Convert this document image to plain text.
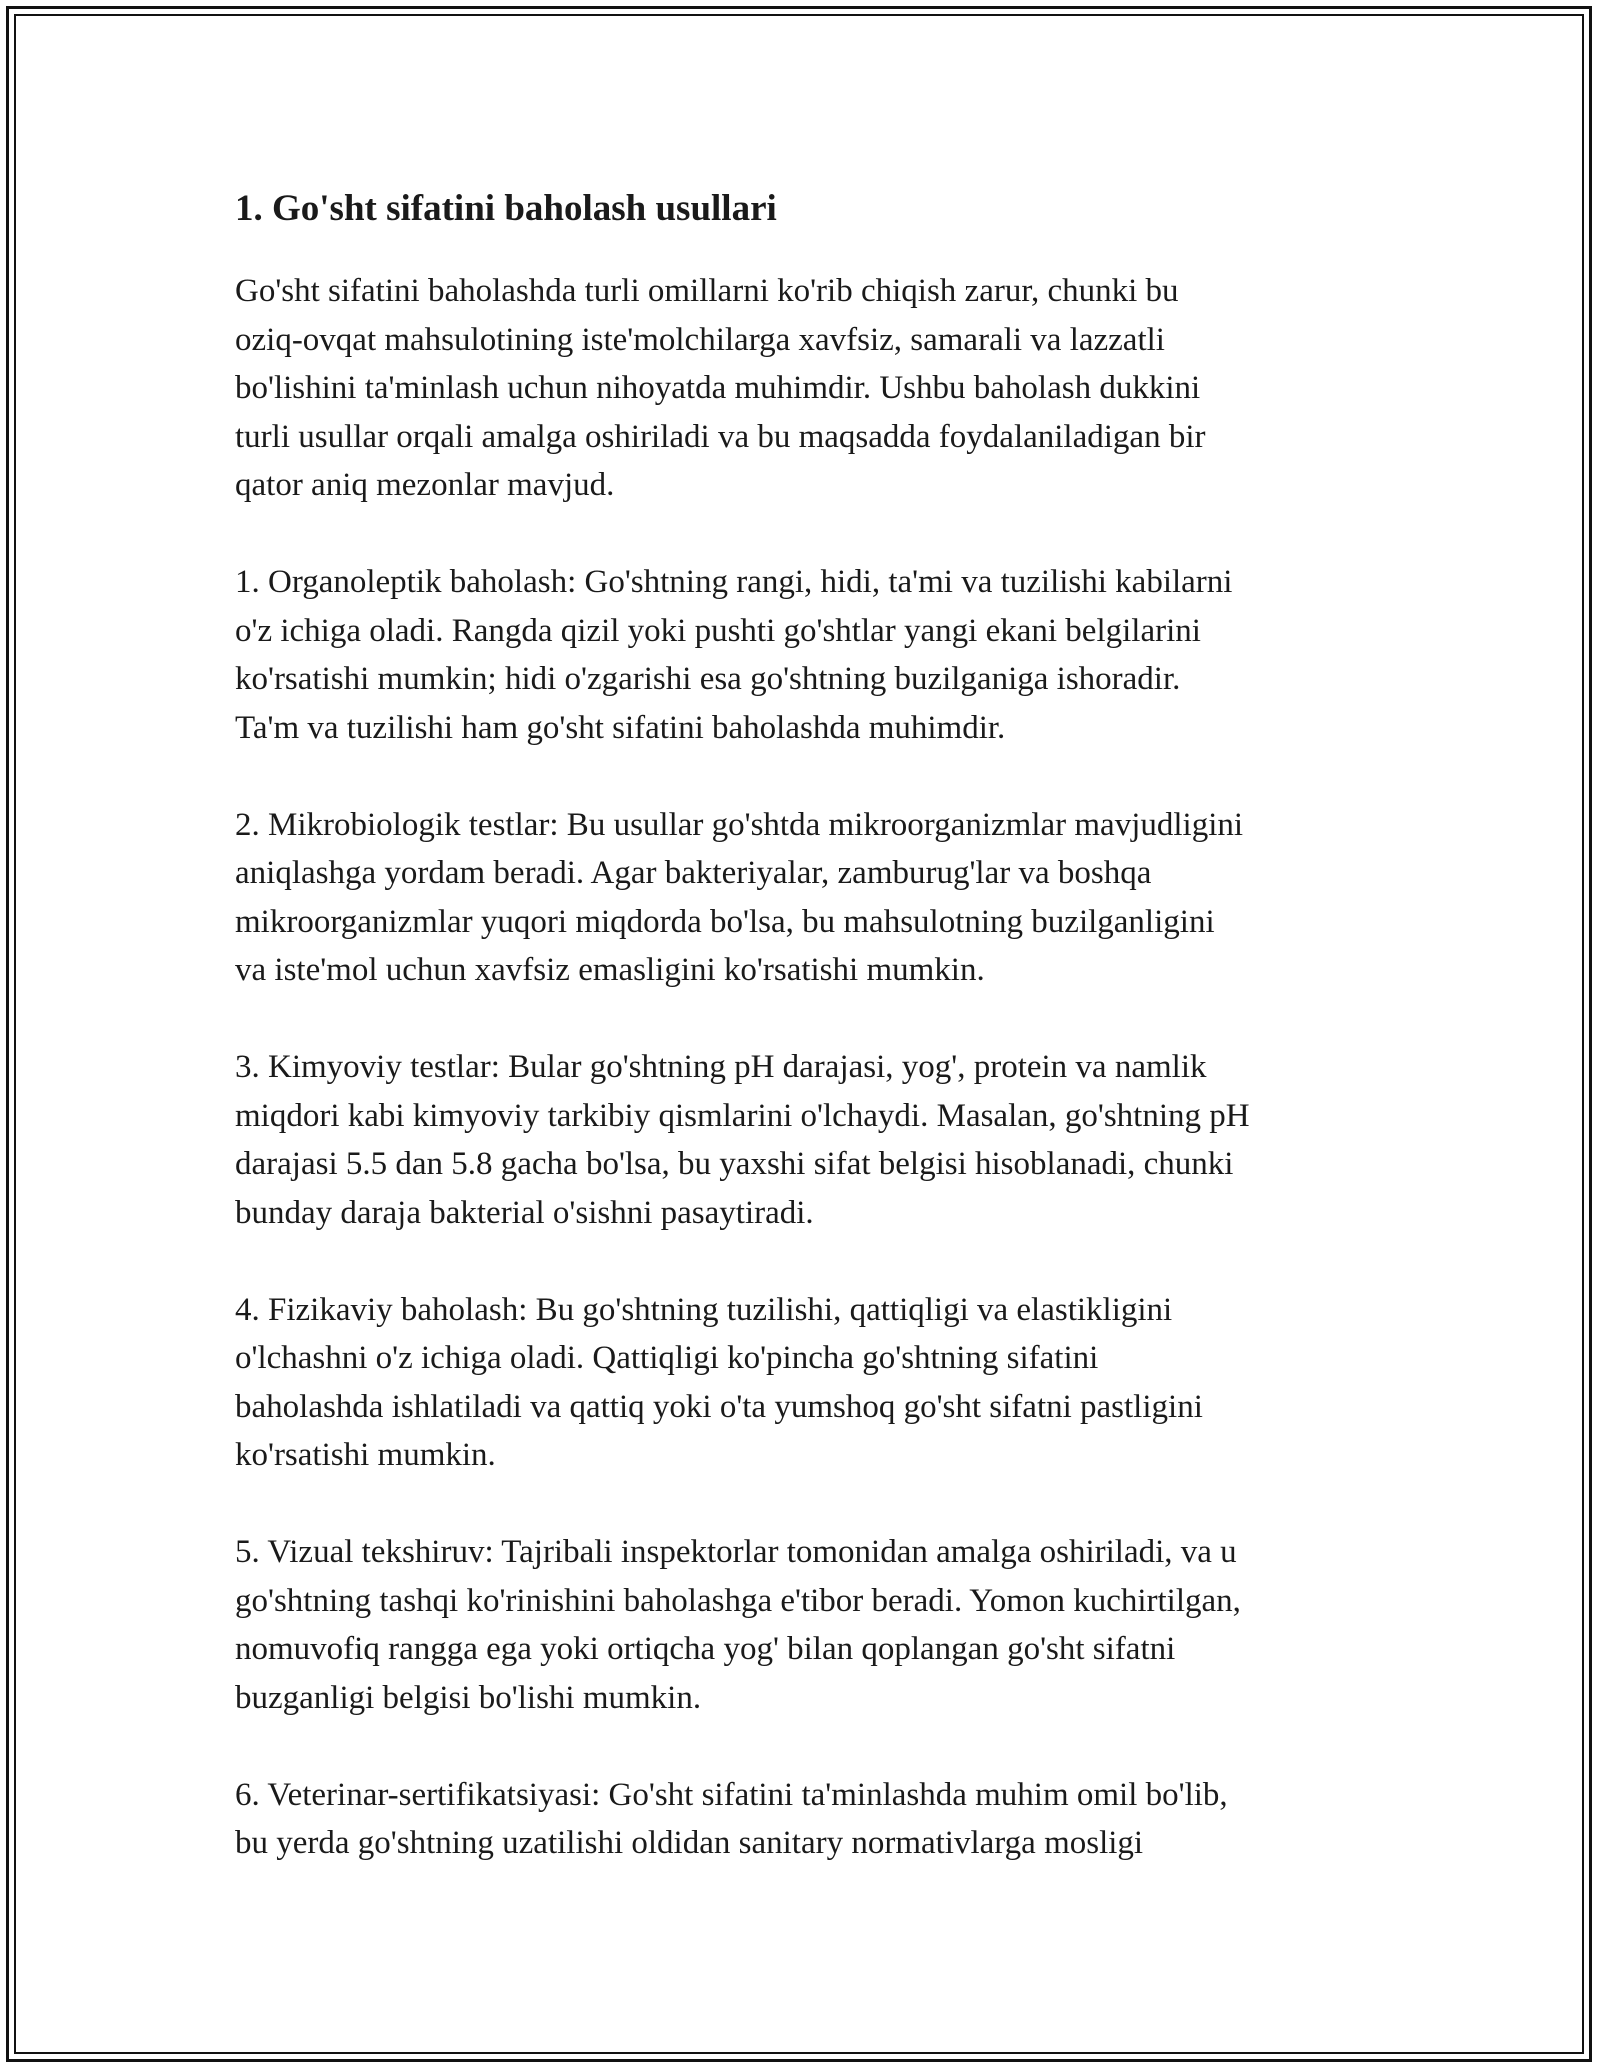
1. Go'sht sifatini baholash usullari

Go'sht sifatini baholashda turli omillarni ko'rib chiqish zarur, chunki bu
oziq-ovqat mahsulotining iste'molchilarga xavfsiz, samarali va lazzatli
bo'lishini ta'minlash uchun nihoyatda muhimdir. Ushbu baholash dukkini
turli usullar orqali amalga oshiriladi va bu maqsadda foydalaniladigan bir
qator aniq mezonlar mavjud.

1. Organoleptik baholash: Go'shtning rangi, hidi, ta'mi va tuzilishi kabilarni
o'z ichiga oladi. Rangda qizil yoki pushti go'shtlar yangi ekani belgilarini
ko'rsatishi mumkin; hidi o'zgarishi esa go'shtning buzilganiga ishoradir.
Ta'm va tuzilishi ham go'sht sifatini baholashda muhimdir.

2. Mikrobiologik testlar: Bu usullar go'shtda mikroorganizmlar mavjudligini
aniqlashga yordam beradi. Agar bakteriyalar, zamburug'lar va boshqa
mikroorganizmlar yuqori miqdorda bo'lsa, bu mahsulotning buzilganligini
va iste'mol uchun xavfsiz emasligini ko'rsatishi mumkin.

3. Kimyoviy testlar: Bular go'shtning pH darajasi, yog', protein va namlik
miqdori kabi kimyoviy tarkibiy qismlarini o'lchaydi. Masalan, go'shtning pH
darajasi 5.5 dan 5.8 gacha bo'lsa, bu yaxshi sifat belgisi hisoblanadi, chunki
bunday daraja bakterial o'sishni pasaytiradi.

4. Fizikaviy baholash: Bu go'shtning tuzilishi, qattiqligi va elastikligini
o'lchashni o'z ichiga oladi. Qattiqligi ko'pincha go'shtning sifatini
baholashda ishlatiladi va qattiq yoki o'ta yumshoq go'sht sifatni pastligini
ko'rsatishi mumkin.

5. Vizual tekshiruv: Tajribali inspektorlar tomonidan amalga oshiriladi, va u
go'shtning tashqi ko'rinishini baholashga e'tibor beradi. Yomon kuchirtilgan,
nomuvofiq rangga ega yoki ortiqcha yog' bilan qoplangan go'sht sifatni
buzganligi belgisi bo'lishi mumkin.

6. Veterinar-sertifikatsiyasi: Go'sht sifatini ta'minlashda muhim omil bo'lib,
bu yerda go'shtning uzatilishi oldidan sanitary normativlarga mosligi
